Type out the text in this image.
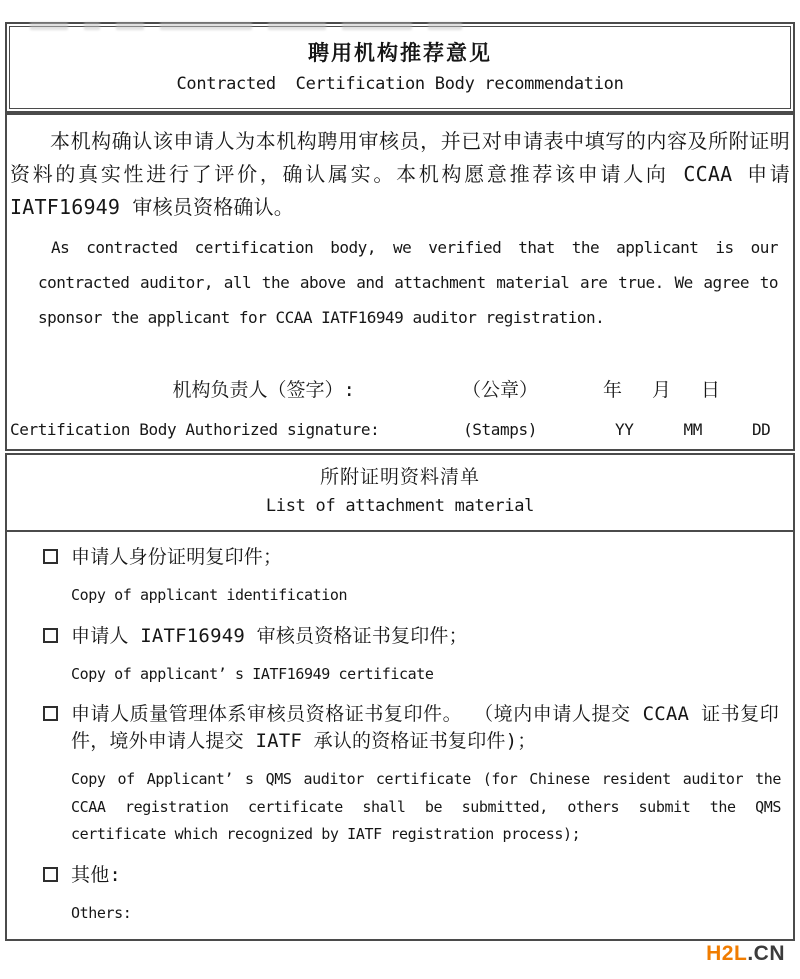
聘用机构推荐意见
Contracted  Certification Body recommendation

本机构确认该申请人为本机构聘用审核员，并已对申请表中填写的内容及所附证明资料的真实性进行了评价，确认属实。本机构愿意推荐该申请人向 CCAA 申请 IATF16949 审核员资格确认。

As contracted certification body, we verified that the applicant is our contracted auditor, all the above and attachment material are true. We agree to sponsor the applicant for CCAA IATF16949 auditor registration.

机构负责人（签字）:	（公章）	年 月 日
Certification Body Authorized signature:	(Stamps)	YY	MM	DD
所附证明资料清单
List of attachment material
申请人身份证明复印件；
Copy of applicant identification
申请人 IATF16949 审核员资格证书复印件；
Copy of applicant’ s IATF16949 certificate
申请人质量管理体系审核员资格证书复印件。 （境内申请人提交 CCAA 证书复印件，境外申请人提交 IATF 承认的资格证书复印件)；
Copy of Applicant’ s QMS auditor certificate (for Chinese resident auditor the CCAA registration certificate shall be submitted, others submit the QMS certificate which recognized by IATF registration process);
其他:
Others:
H2L.CN
